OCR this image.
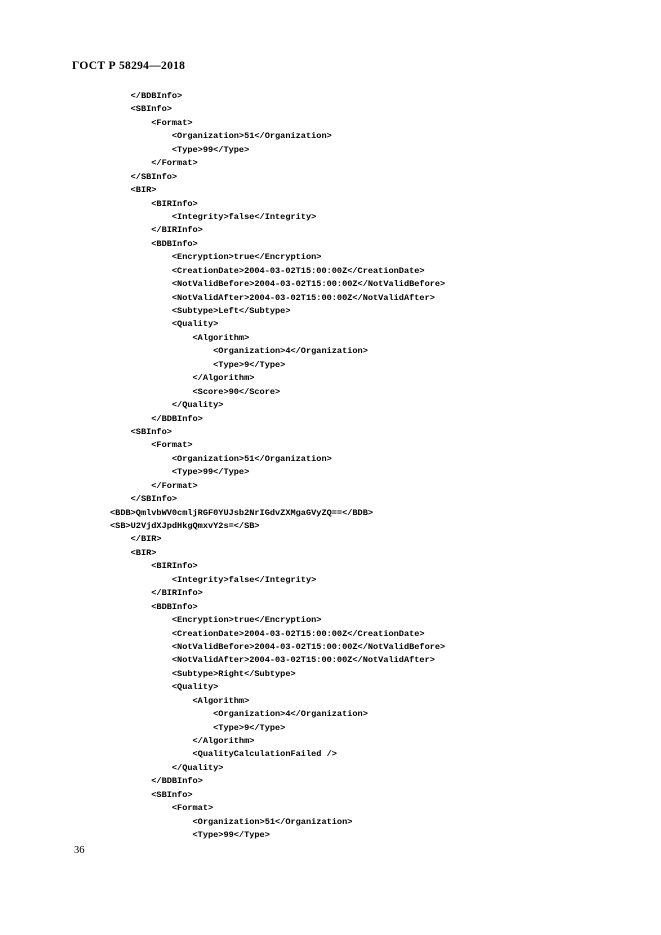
ГОСТ Р 58294—2018
</BDBInfo>
<SBInfo>
<Format>
<Organization>51</Organization>
<Type>99</Type>
</Format>
</SBInfo>
<BIR>
<BIRInfo>
<Integrity>false</Integrity>
</BIRInfo>
<BDBInfo>
<Encryption>true</Encryption>
<CreationDate>2004-03-02T15:00:00Z</CreationDate>
<NotValidBefore>2004-03-02T15:00:00Z</NotValidBefore>
<NotValidAfter>2004-03-02T15:00:00Z</NotValidAfter>
<Subtype>Left</Subtype>
<Quality>
<Algorithm>
<Organization>4</Organization>
<Type>9</Type>
</Algorithm>
<Score>90</Score>
</Quality>
</BDBInfo>
<SBInfo>
<Format>
<Organization>51</Organization>
<Type>99</Type>
</Format>
</SBInfo>
<BDB>QmlvbWV0cmljRGF0YUJsb2NrIGdvZXMgaGVyZQ==</BDB>
<SB>U2VjdXJpdHkgQmxvY2s=</SB>
</BIR>
<BIR>
<BIRInfo>
<Integrity>false</Integrity>
</BIRInfo>
<BDBInfo>
<Encryption>true</Encryption>
<CreationDate>2004-03-02T15:00:00Z</CreationDate>
<NotValidBefore>2004-03-02T15:00:00Z</NotValidBefore>
<NotValidAfter>2004-03-02T15:00:00Z</NotValidAfter>
<Subtype>Right</Subtype>
<Quality>
<Algorithm>
<Organization>4</Organization>
<Type>9</Type>
</Algorithm>
<QualityCalculationFailed />
</Quality>
</BDBInfo>
<SBInfo>
<Format>
<Organization>51</Organization>
<Type>99</Type>
36
